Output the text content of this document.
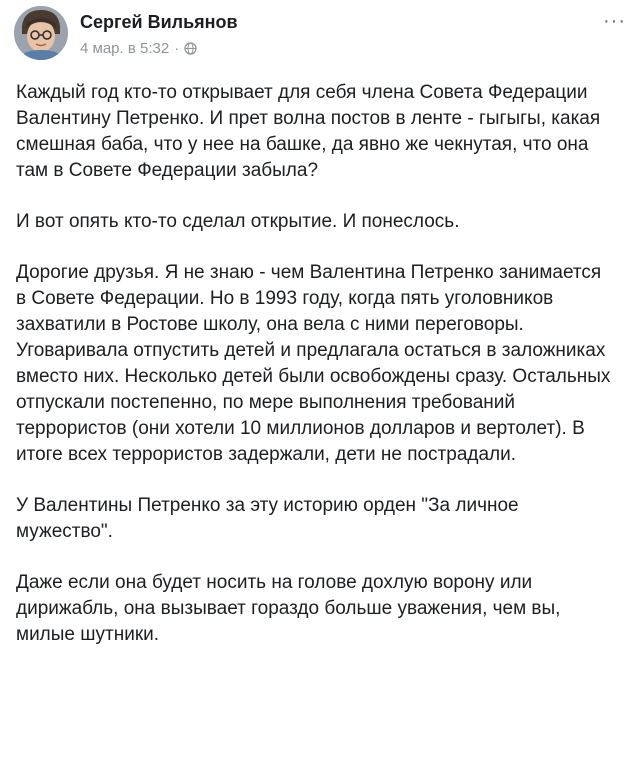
Сергей Вильянов
4 мар. в 5:32 ·
···

Каждый год кто-то открывает для себя члена Совета Федерации Валентину Петренко. И прет волна постов в ленте - гыгыгы, какая смешная баба, что у нее на башке, да явно же чекнутая, что она там в Совете Федерации забыла?

И вот опять кто-то сделал открытие. И понеслось.

Дорогие друзья. Я не знаю - чем Валентина Петренко занимается в Совете Федерации. Но в 1993 году, когда пять уголовников захватили в Ростове школу, она вела с ними переговоры. Уговаривала отпустить детей и предлагала остаться в заложниках вместо них. Несколько детей были освобождены сразу. Остальных отпускали постепенно, по мере выполнения требований террористов (они хотели 10 миллионов долларов и вертолет). В итоге всех террористов задержали, дети не пострадали.

У Валентины Петренко за эту историю орден "За личное мужество".

Даже если она будет носить на голове дохлую ворону или дирижабль, она вызывает гораздо больше уважения, чем вы, милые шутники.
